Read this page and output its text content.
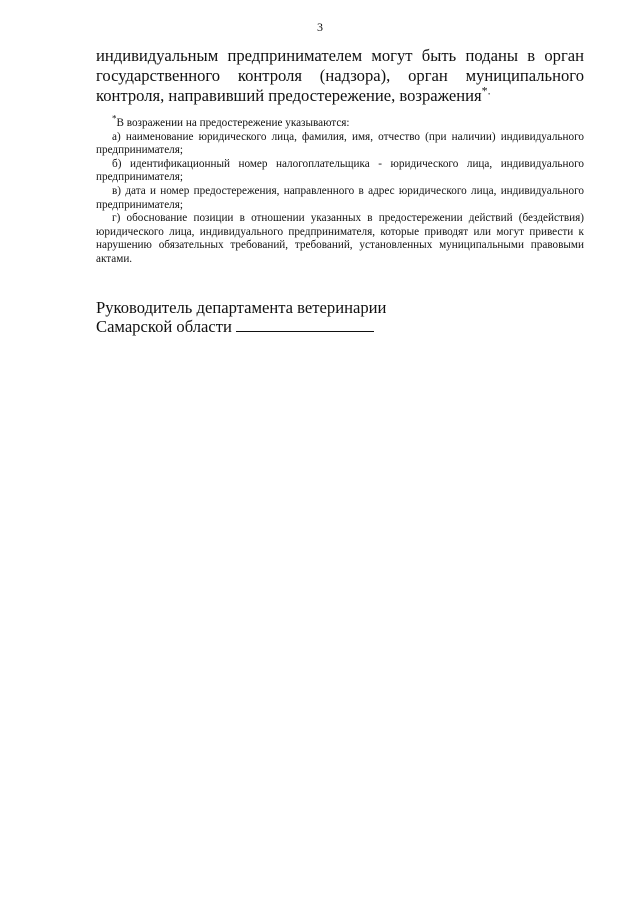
3
индивидуальным предпринимателем могут быть поданы в орган государственного контроля (надзора), орган муниципального контроля, направивший предостережение, возражения*.

*В возражении на предостережение указываются:

а) наименование юридического лица, фамилия, имя, отчество (при наличии) индивидуального предпринимателя;

б) идентификационный номер налогоплательщика - юридического лица, индивидуального предпринимателя;

в) дата и номер предостережения, направленного в адрес юридического лица, индивидуального предпринимателя;

г) обоснование позиции в отношении указанных в предостережении действий (бездействия) юридического лица, индивидуального предпринимателя, которые приводят или могут привести к нарушению обязательных требований, требований, установленных муниципальными правовыми актами.

Руководитель департамента ветеринарии
Самарской области
